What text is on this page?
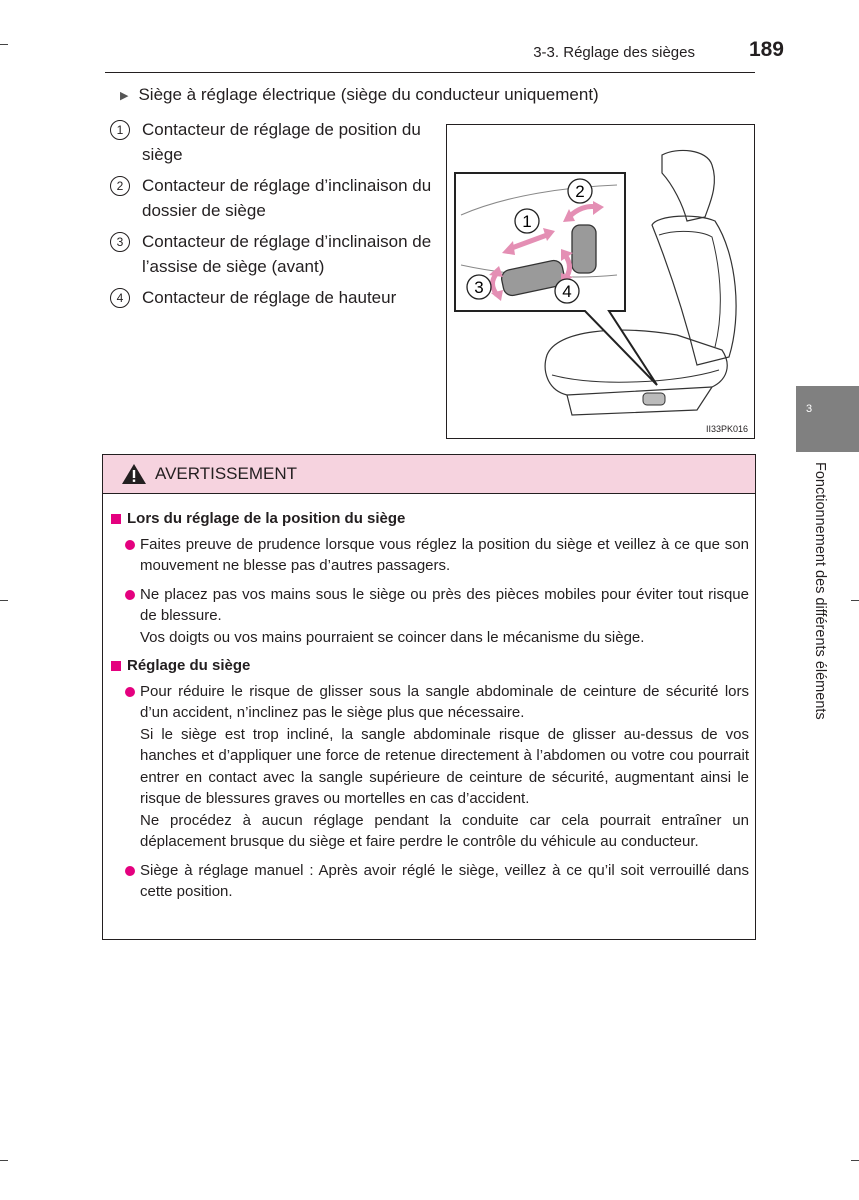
3-3. Réglage des sièges	189
▶ Siège à réglage électrique (siège du conducteur uniquement)
1	Contacteur de réglage de position du siège
2	Contacteur de réglage d’inclinaison du dossier de siège
3	Contacteur de réglage d’inclinaison de l’assise de siège (avant)
4	Contacteur de réglage de hauteur
1
2
3	4
II33PK016
3
Fonctionnement des différents éléments
AVERTISSEMENT
Lors du réglage de la position du siège

Faites preuve de prudence lorsque vous réglez la position du siège et veillez à ce que son mouvement ne blesse pas d’autres passagers.

Ne placez pas vos mains sous le siège ou près des pièces mobiles pour éviter tout risque de blessure.

Vos doigts ou vos mains pourraient se coincer dans le mécanisme du siège.

Réglage du siège

Pour réduire le risque de glisser sous la sangle abdominale de ceinture de sécurité lors d’un accident, n’inclinez pas le siège plus que nécessaire.

Si le siège est trop incliné, la sangle abdominale risque de glisser au-dessus de vos hanches et d’appliquer une force de retenue directement à l’abdomen ou votre cou pourrait entrer en contact avec la sangle supérieure de ceinture de sécurité, augmentant ainsi le risque de blessures graves ou mortelles en cas d’accident.

Ne procédez à aucun réglage pendant la conduite car cela pourrait entraîner un déplacement brusque du siège et faire perdre le contrôle du véhicule au conducteur.

Siège à réglage manuel : Après avoir réglé le siège, veillez à ce qu’il soit verrouillé dans cette position.
